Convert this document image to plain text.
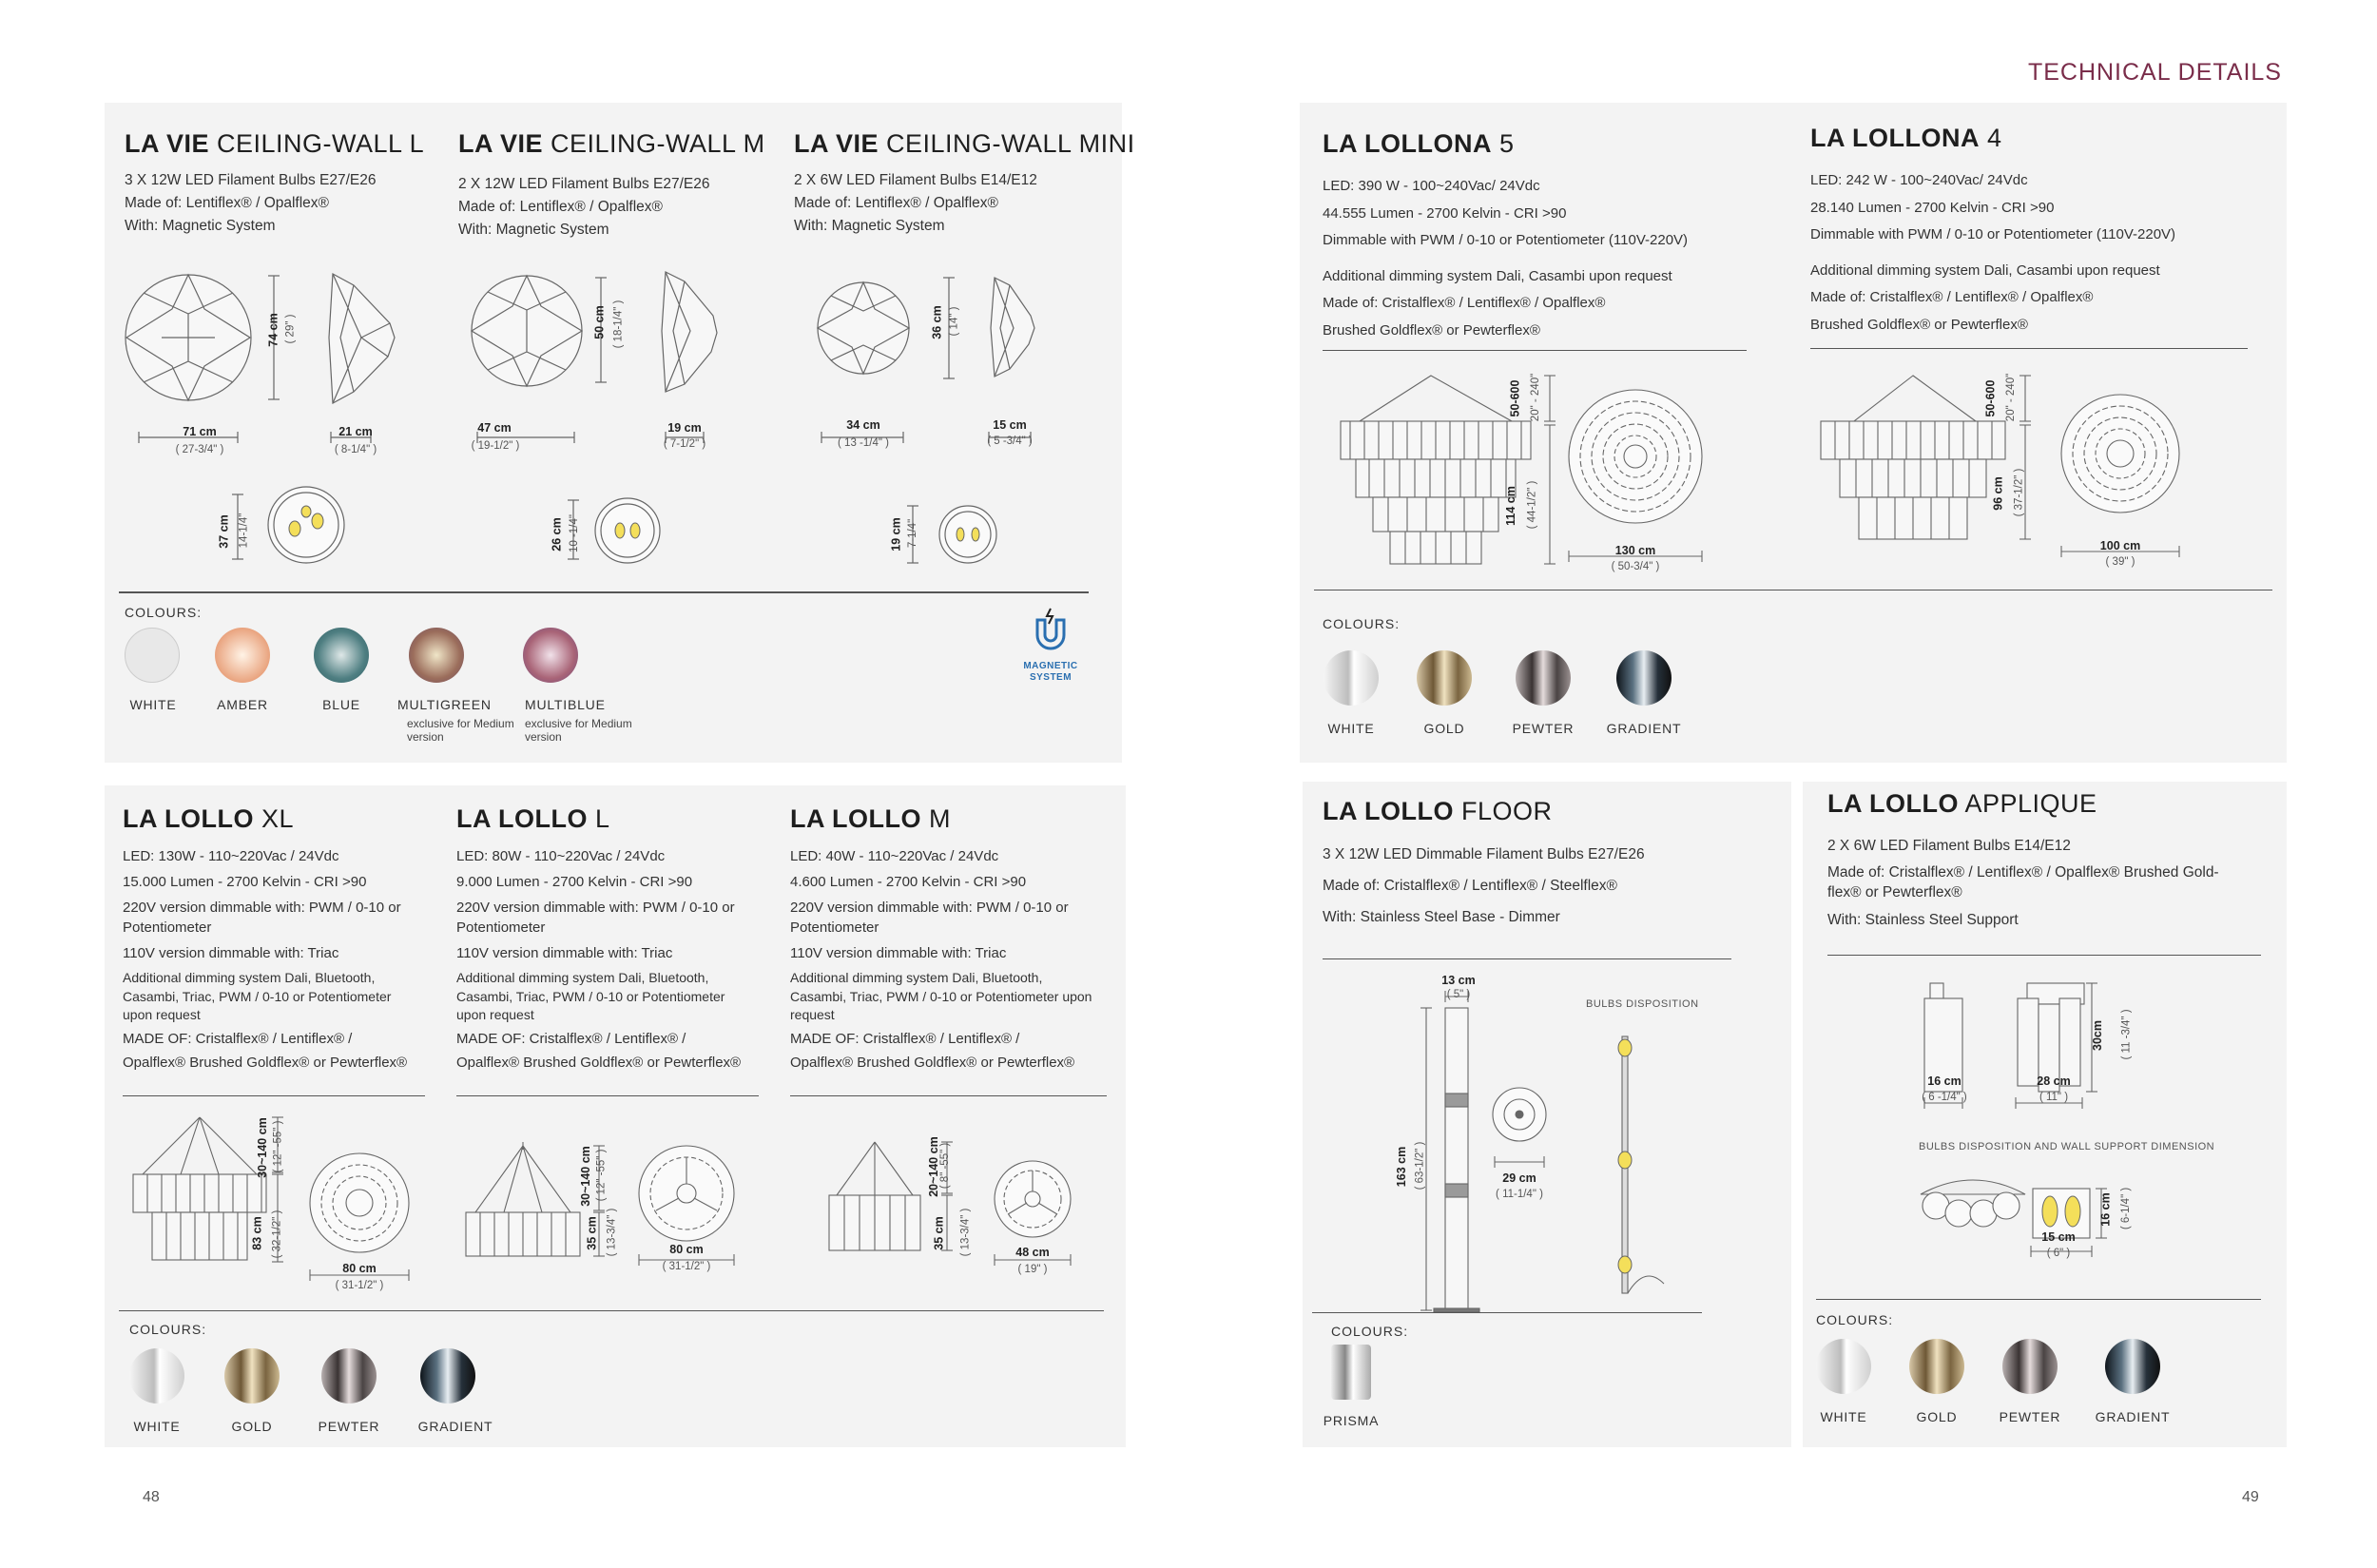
TECHNICAL DETAILS
48	49
LA VIE CEILING-WALL L
3 X 12W LED Filament Bulbs E27/E26
Made of: Lentiflex® / Opalflex®
With: Magnetic System
LA VIE CEILING-WALL M
2 X 12W LED Filament Bulbs E27/E26
Made of: Lentiflex® / Opalflex®
With: Magnetic System
LA VIE CEILING-WALL MINI
2 X 6W LED Filament Bulbs E14/E12
Made of: Lentiflex® / Opalflex®
With: Magnetic System
74 cm ( 29" )
71 cm
( 27-3/4" )
21 cm
( 8-1/4" )
37 cm 14-1/4"
50 cm ( 18-1/4" )
47 cm
( 19-1/2" )
19 cm
( 7-1/2" )
26 cm 10 -1/4"
36 cm ( 14" )
34 cm
( 13 -1/4" )
15 cm
( 5 -3/4" )
19 cm 7-1/4"
COLOURS:
WHITE	AMBER	BLUE	MULTIGREEN
exclusive for Medium version
MULTIBLUE
exclusive for Medium version
MAGNETIC SYSTEM
LA LOLLONA 5
LED: 390 W - 100~240Vac/ 24Vdc
44.555 Lumen - 2700 Kelvin - CRI >90
Dimmable with PWM / 0-10 or Potentiometer (110V-220V)
Additional dimming system Dali, Casambi upon request
Made of: Cristalflex® / Lentiflex® / Opalflex®
Brushed Goldflex® or Pewterflex®
LA LOLLONA 4
LED: 242 W - 100~240Vac/ 24Vdc
28.140 Lumen - 2700 Kelvin - CRI >90
Dimmable with PWM / 0-10 or Potentiometer (110V-220V)
Additional dimming system Dali, Casambi upon request
Made of: Cristalflex® / Lentiflex® / Opalflex®
Brushed Goldflex® or Pewterflex®
50-600 20" - 240"
114 cm ( 44-1/2" )
130 cm
( 50-3/4" )
50-600 20" - 240"
96 cm ( 37-1/2" )
100 cm
( 39" )
COLOURS:
WHITE	GOLD	PEWTER	GRADIENT
LA LOLLO XL
LED: 130W - 110~220Vac / 24Vdc
15.000 Lumen - 2700 Kelvin - CRI >90
220V version dimmable with: PWM / 0-10 or Potentiometer
110V version dimmable with: Triac
Additional dimming system Dali, Bluetooth, Casambi, Triac, PWM / 0-10 or Potentiometer upon request
MADE OF: Cristalflex® / Lentiflex® /
Opalflex® Brushed Goldflex® or Pewterflex®
LA LOLLO L
LED: 80W - 110~220Vac / 24Vdc
9.000 Lumen - 2700 Kelvin - CRI >90
220V version dimmable with: PWM / 0-10 or Potentiometer
110V version dimmable with: Triac
Additional dimming system Dali, Bluetooth, Casambi, Triac, PWM / 0-10 or Potentiometer upon request
MADE OF: Cristalflex® / Lentiflex® /
Opalflex® Brushed Goldflex® or Pewterflex®
LA LOLLO M
LED: 40W - 110~220Vac / 24Vdc
4.600 Lumen - 2700 Kelvin - CRI >90
220V version dimmable with: PWM / 0-10 or Potentiometer
110V version dimmable with: Triac
Additional dimming system Dali, Bluetooth, Casambi, Triac, PWM / 0-10 or Potentiometer upon request
MADE OF: Cristalflex® / Lentiflex® /
Opalflex® Brushed Goldflex® or Pewterflex®
30~140 cm ( 12" -55" )
83 cm ( 32-1/2" )
80 cm
( 31-1/2" )
30~140 cm ( 12" -55" )
35 cm ( 13-3/4" )	80 cm
( 31-1/2" )
20~140 cm ( 8" -55" )
35 cm ( 13-3/4" )	48 cm
( 19" )
COLOURS:
WHITE	GOLD	PEWTER	GRADIENT
LA LOLLO FLOOR
3 X 12W LED Dimmable Filament Bulbs E27/E26
Made of: Cristalflex® / Lentiflex® / Steelflex®
With: Stainless Steel Base - Dimmer
13 cm
( 5" )
163 cm ( 63-1/2" )	29 cm
( 11-1/4" )
BULBS DISPOSITION
COLOURS:
PRISMA
LA LOLLO APPLIQUE
2 X 6W LED Filament Bulbs E14/E12
Made of: Cristalflex® / Lentiflex® / Opalflex® Brushed Gold-flex® or Pewterflex®
With: Stainless Steel Support
30cm ( 11 -3/4" )
16 cm
( 6 -1/4" )
28 cm
( 11" )
BULBS DISPOSITION AND WALL SUPPORT DIMENSION
16 cm ( 6-1/4" )
15 cm
( 6" )
COLOURS:
WHITE	GOLD	PEWTER	GRADIENT
